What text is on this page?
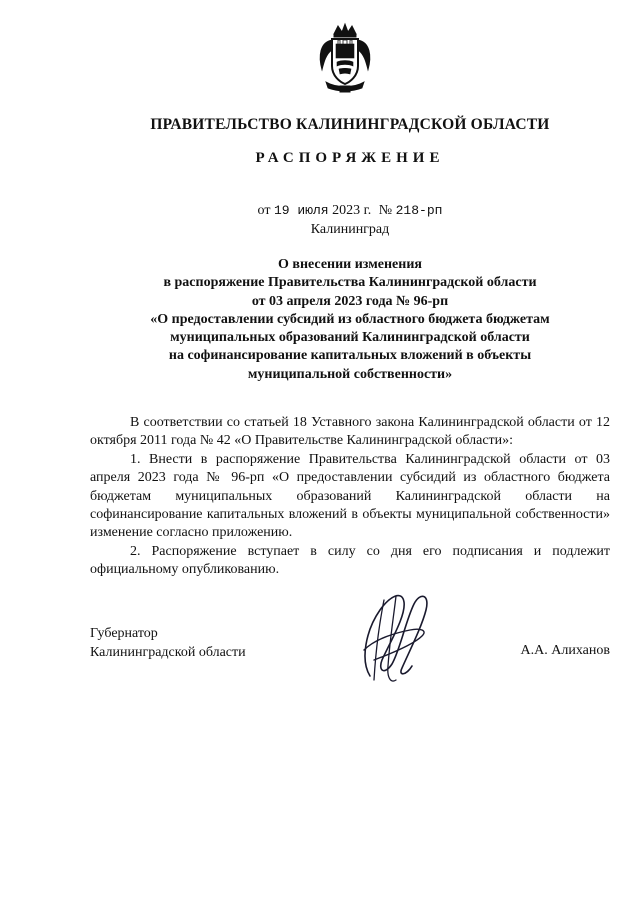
ПРАВИТЕЛЬСТВО КАЛИНИНГРАДСКОЙ ОБЛАСТИ
РАСПОРЯЖЕНИЕ
от 19 июля 2023 г. № 218-рп
Калининград
О внесении изменения
в распоряжение Правительства Калининградской области
от 03 апреля 2023 года № 96-рп
«О предоставлении субсидий из областного бюджета бюджетам
муниципальных образований Калининградской области
на софинансирование капитальных вложений в объекты
муниципальной собственности»

В соответствии со статьей 18 Уставного закона Калининградской области от 12 октября 2011 года № 42 «О Правительстве Калининградской области»:

1. Внести в распоряжение Правительства Калининградской области от 03 апреля 2023 года № 96-рп «О предоставлении субсидий из областного бюджета бюджетам муниципальных образований Калининградской области на софинансирование капитальных вложений в объекты муниципальной собственности» изменение согласно приложению.

2. Распоряжение вступает в силу со дня его подписания и подлежит официальному опубликованию.

Губернатор
Калининградской области	А.А. Алиханов
